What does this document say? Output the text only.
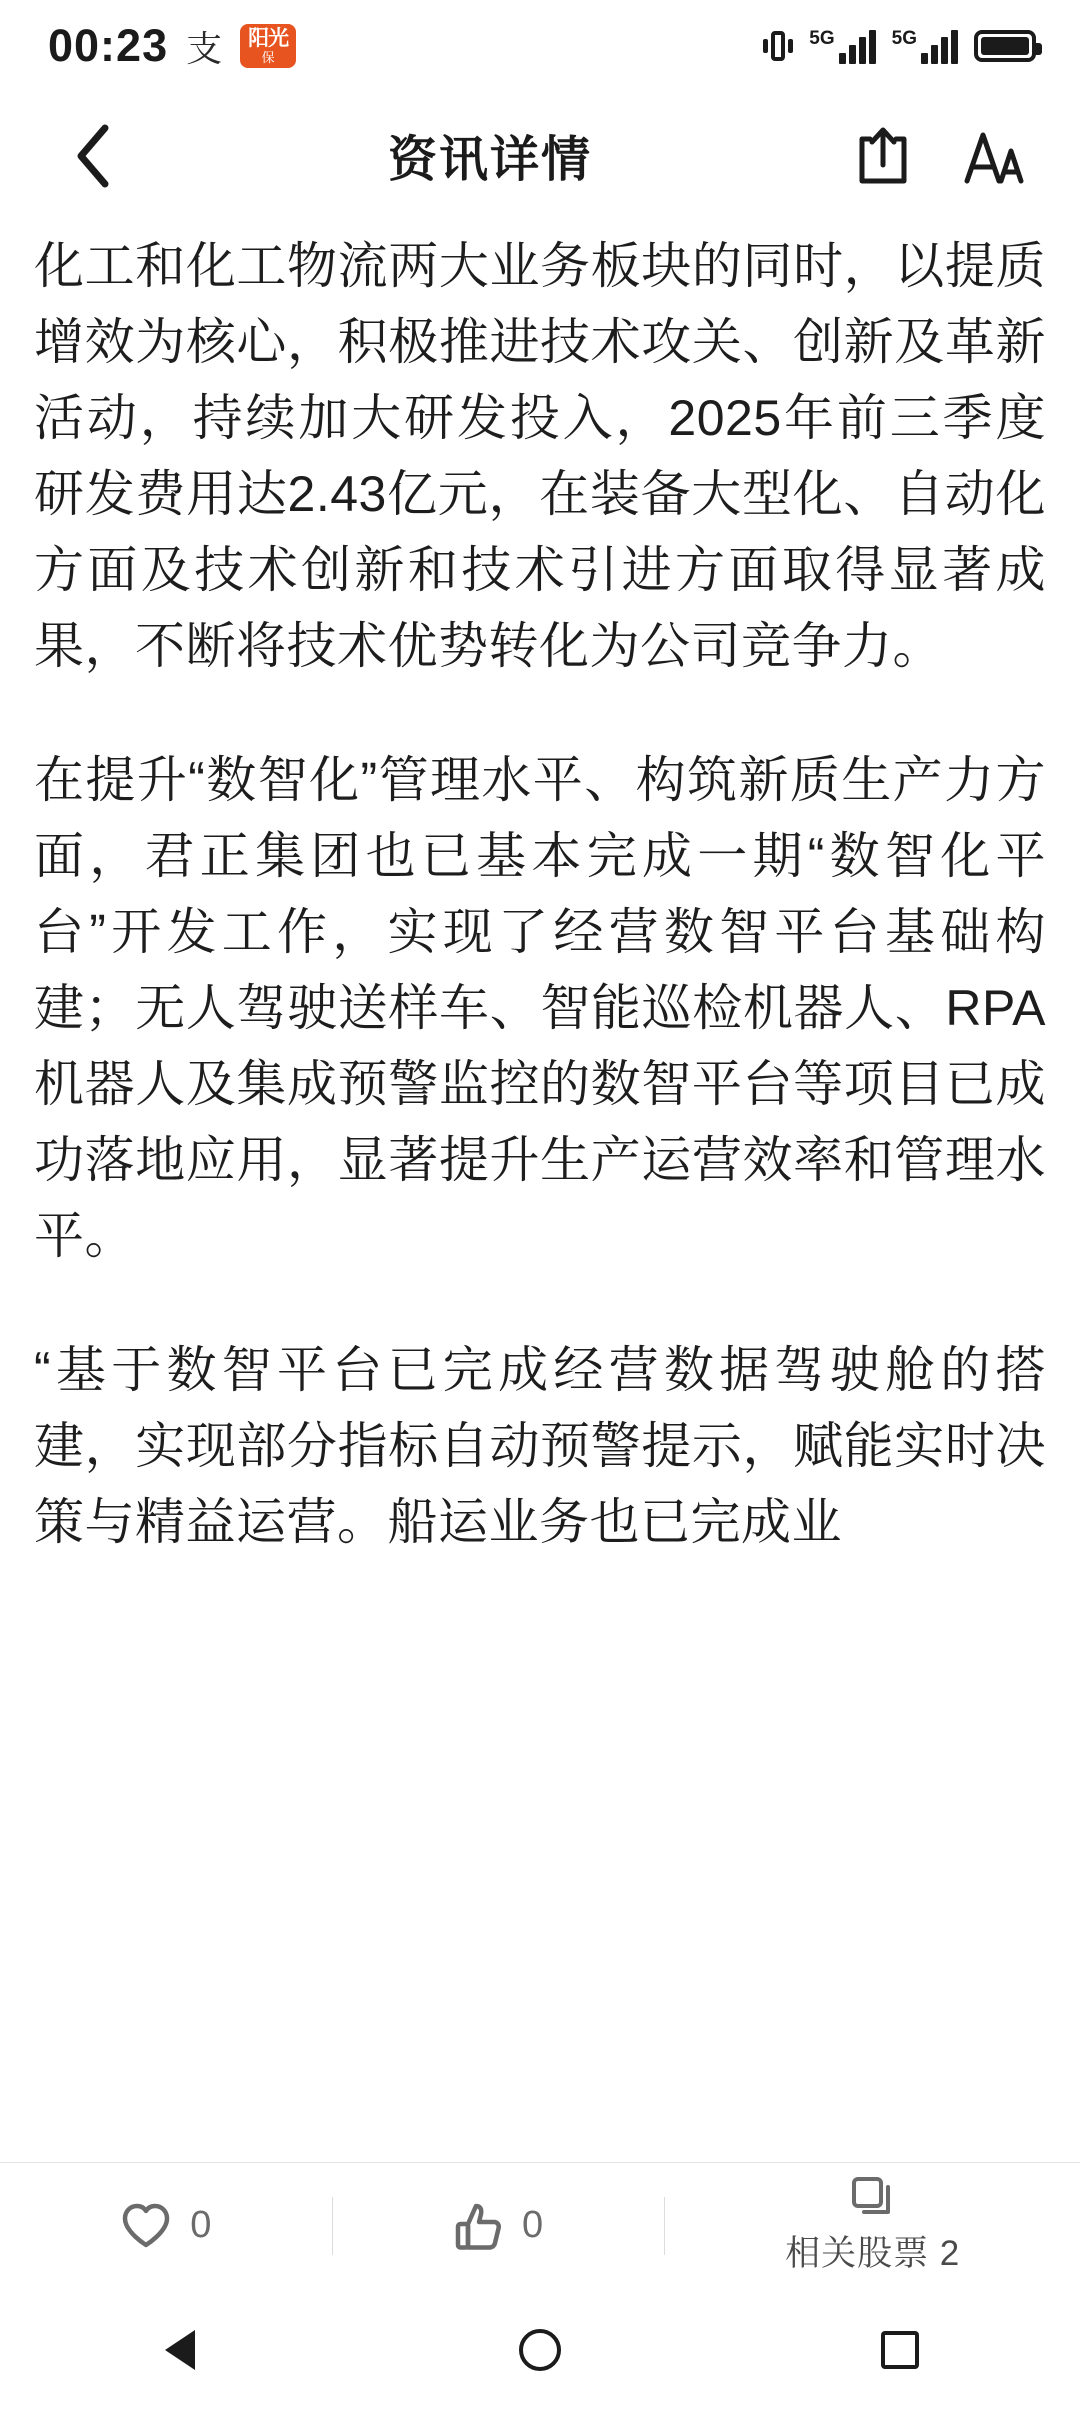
00:23 支 阳光
保
5G	5G
资讯详情

化工和化工物流两大业务板块的同时，以提质增效为核心，积极推进技术攻关、创新及革新活动，持续加大研发投入，2025年前三季度研发费用达2.43亿元，在装备大型化、自动化方面及技术创新和技术引进方面取得显著成果，不断将技术优势转化为公司竞争力。

在提升“数智化”管理水平、构筑新质生产力方面，君正集团也已基本完成一期“数智化平台”开发工作，实现了经营数智平台基础构建；无人驾驶送样车、智能巡检机器人、RPA机器人及集成预警监控的数智平台等项目已成功落地应用，显著提升生产运营效率和管理水平。

“基于数智平台已完成经营数据驾驶舱的搭建，实现部分指标自动预警提示，赋能实时决策与精益运营。船运业务也已完成业

0	0
相关股票 2
